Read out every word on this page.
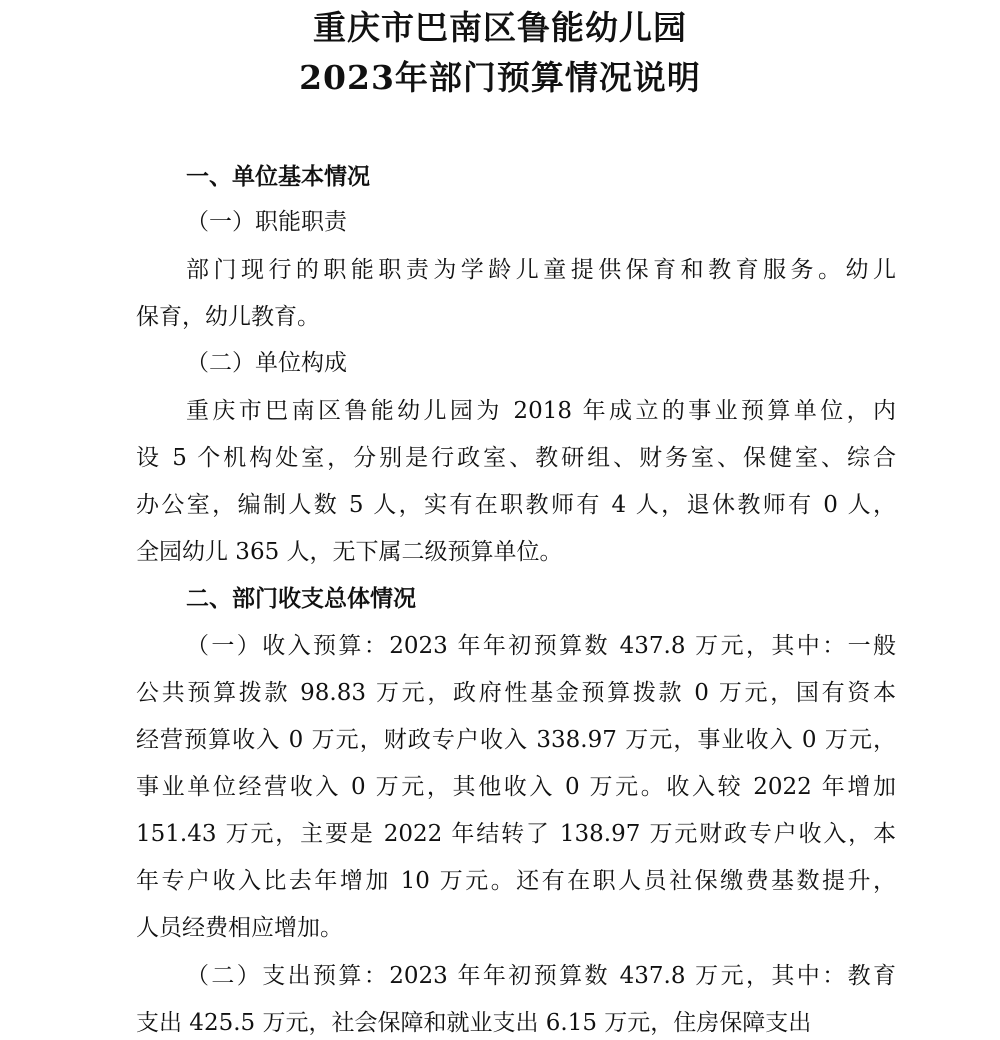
重庆市巴南区鲁能幼儿园
2023年部门预算情况说明

一、单位基本情况

（一）职能职责

部门现行的职能职责为学龄儿童提供保育和教育服务。幼儿

保育，幼儿教育。

（二）单位构成

重庆市巴南区鲁能幼儿园为 2018 年成立的事业预算单位，内

设 5 个机构处室，分别是行政室、教研组、财务室、保健室、综合

办公室，编制人数 5 人，实有在职教师有 4 人，退休教师有 0 人，

全园幼儿 365 人，无下属二级预算单位。

二、部门收支总体情况

（一）收入预算：2023 年年初预算数 437.8 万元，其中：一般

公共预算拨款 98.83 万元，政府性基金预算拨款 0 万元，国有资本

经营预算收入 0 万元，财政专户收入 338.97 万元，事业收入 0 万元，

事业单位经营收入 0 万元，其他收入 0 万元。收入较 2022 年增加

151.43 万元，主要是 2022 年结转了 138.97 万元财政专户收入，本

年专户收入比去年增加 10 万元。还有在职人员社保缴费基数提升，

人员经费相应增加。

（二）支出预算：2023 年年初预算数 437.8 万元，其中：教育

支出 425.5 万元，社会保障和就业支出 6.15 万元，住房保障支出
